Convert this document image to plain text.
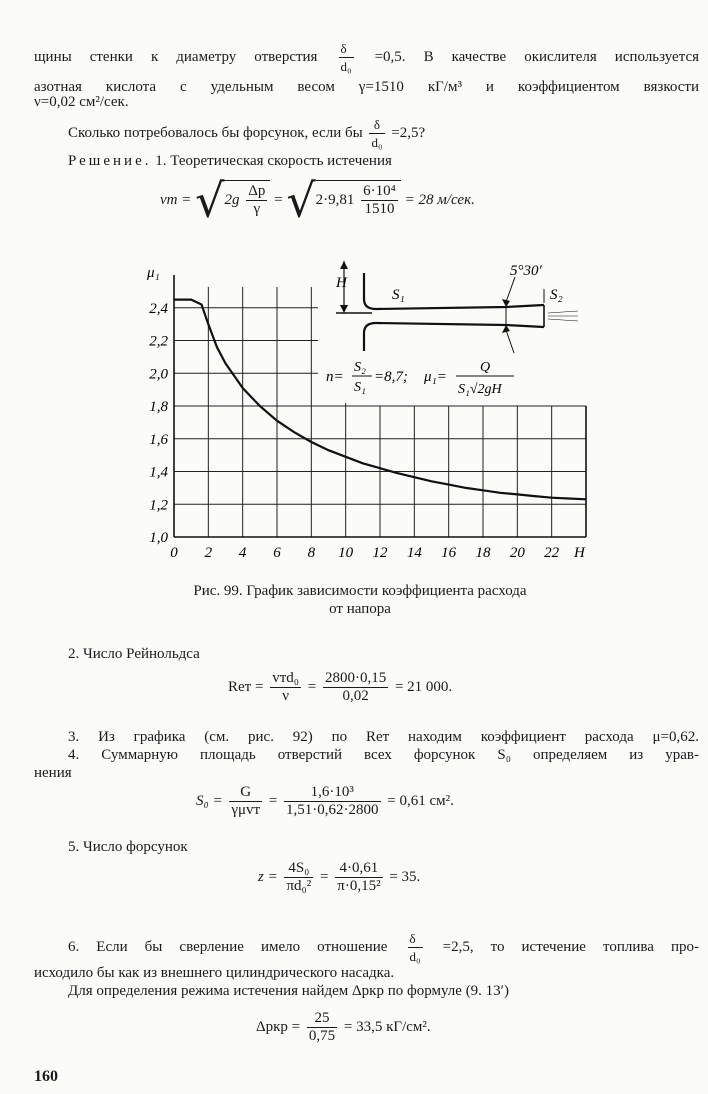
щины стенки к диаметру отверстия $\frac{\delta}{\text{d₀}} =0,5$. В качестве окислителя используется
азотная кислота с удельным весом γ=1510 кГ/м³ и коэффициентом вязкости
ν=0,02 см²/сек.
Сколько потребовалось бы форсунок, если бы $\frac{\delta}{\text{d₀}} =2,5$?
Решение. 1. Теоретическая скорость истечения
vт = $√2g \frac{\Delta p}{\gamma} = √2\cdot 9,81 \frac{\text{6·10⁴}}{1510} = 28$ м/сек.
0 2 4 6 8 10 12 14 16 18 20 22
1,0
1,2
1,4
1,6
1,8
2,0
2,2
2,4
μ₁
H
H
S₁	S₂
5°30′
n=
S₂
S₁
=8,7; μ₁=
Q
S₁√2gH
Рис. 99. График зависимости коэффициента расхода
от напора
2. Число Рейнольдса
Reт = $\frac{\text{vтd₀}}{\nu} = \frac{2800\cdot 0,15}{0,02} = 21$ 000.
3. Из графика (см. рис. 92) по Reт находим коэффициент расхода μ=0,62.
4. Суммарную площадь отверстий всех форсунок S₀ определяем из урав-
нения
$S_0 = \frac{G}{\text{γμvт}} = \frac{\text{1,6·10³}}{1,51\cdot 0,62\cdot 2800} = 0,61$ см².
5. Число форсунок
$z = \frac{\text{4S₀}}{\text{πd₀²}} = \frac{4\cdot 0,61}{\text{π·0,15²}} = 35$.
6. Если бы сверление имело отношение $\frac{\delta}{\text{d₀}} =2,5$, то истечение топлива про-
исходило бы как из внешнего цилиндрического насадка.
Для определения режима истечения найдем Δpкр по формуле (9. 13′)
$\Delta pкр = \frac{25}{0,75} = 33,5$ кГ/см².
160
